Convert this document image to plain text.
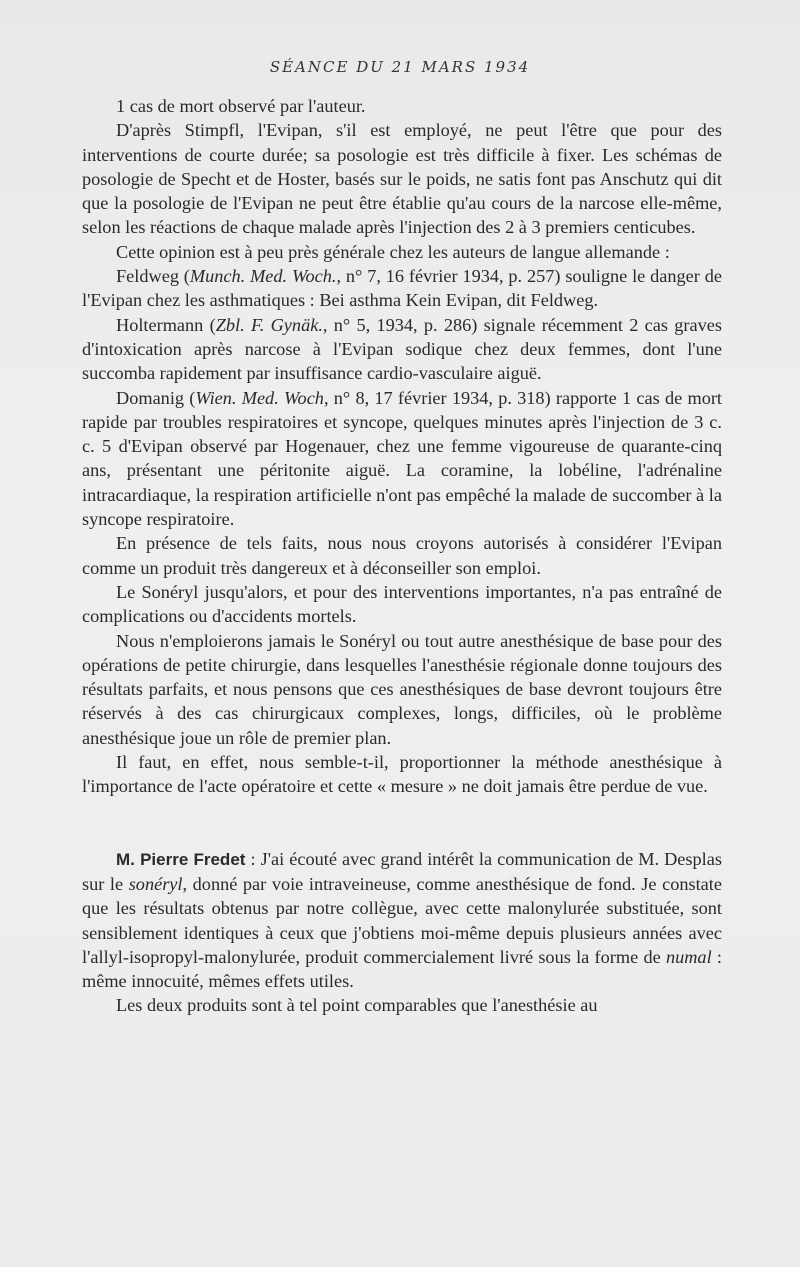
SÉANCE DU 21 MARS 1934

1 cas de mort observé par l'auteur.

D'après Stimpfl, l'Evipan, s'il est employé, ne peut l'être que pour des interventions de courte durée; sa posologie est très difficile à fixer. Les schémas de posologie de Specht et de Hoster, basés sur le poids, ne satis font pas Anschutz qui dit que la posologie de l'Evipan ne peut être établie qu'au cours de la narcose elle-même, selon les réactions de chaque malade après l'injection des 2 à 3 premiers centicubes.

Cette opinion est à peu près générale chez les auteurs de langue allemande :

Feldweg (Munch. Med. Woch., n° 7, 16 février 1934, p. 257) souligne le danger de l'Evipan chez les asthmatiques : Bei asthma Kein Evipan, dit Feldweg.

Holtermann (Zbl. F. Gynäk., n° 5, 1934, p. 286) signale récemment 2 cas graves d'intoxication après narcose à l'Evipan sodique chez deux femmes, dont l'une succomba rapidement par insuffisance cardio-vasculaire aiguë.

Domanig (Wien. Med. Woch, n° 8, 17 février 1934, p. 318) rapporte 1 cas de mort rapide par troubles respiratoires et syncope, quelques minutes après l'injection de 3 c. c. 5 d'Evipan observé par Hogenauer, chez une femme vigoureuse de quarante-cinq ans, présentant une péritonite aiguë. La coramine, la lobéline, l'adrénaline intracardiaque, la respiration artificielle n'ont pas empêché la malade de succomber à la syncope respiratoire.

En présence de tels faits, nous nous croyons autorisés à considérer l'Evipan comme un produit très dangereux et à déconseiller son emploi.

Le Sonéryl jusqu'alors, et pour des interventions importantes, n'a pas entraîné de complications ou d'accidents mortels.

Nous n'emploierons jamais le Sonéryl ou tout autre anesthésique de base pour des opérations de petite chirurgie, dans lesquelles l'anesthésie régionale donne toujours des résultats parfaits, et nous pensons que ces anesthésiques de base devront toujours être réservés à des cas chirurgicaux complexes, longs, difficiles, où le problème anesthésique joue un rôle de premier plan.

Il faut, en effet, nous semble-t-il, proportionner la méthode anesthésique à l'importance de l'acte opératoire et cette « mesure » ne doit jamais être perdue de vue.

M. Pierre Fredet : J'ai écouté avec grand intérêt la communication de M. Desplas sur le sonéryl, donné par voie intraveineuse, comme anesthésique de fond. Je constate que les résultats obtenus par notre collègue, avec cette malonylurée substituée, sont sensiblement identiques à ceux que j'obtiens moi-même depuis plusieurs années avec l'allyl-isopropyl-malonylurée, produit commercialement livré sous la forme de numal : même innocuité, mêmes effets utiles.

Les deux produits sont à tel point comparables que l'anesthésie au
